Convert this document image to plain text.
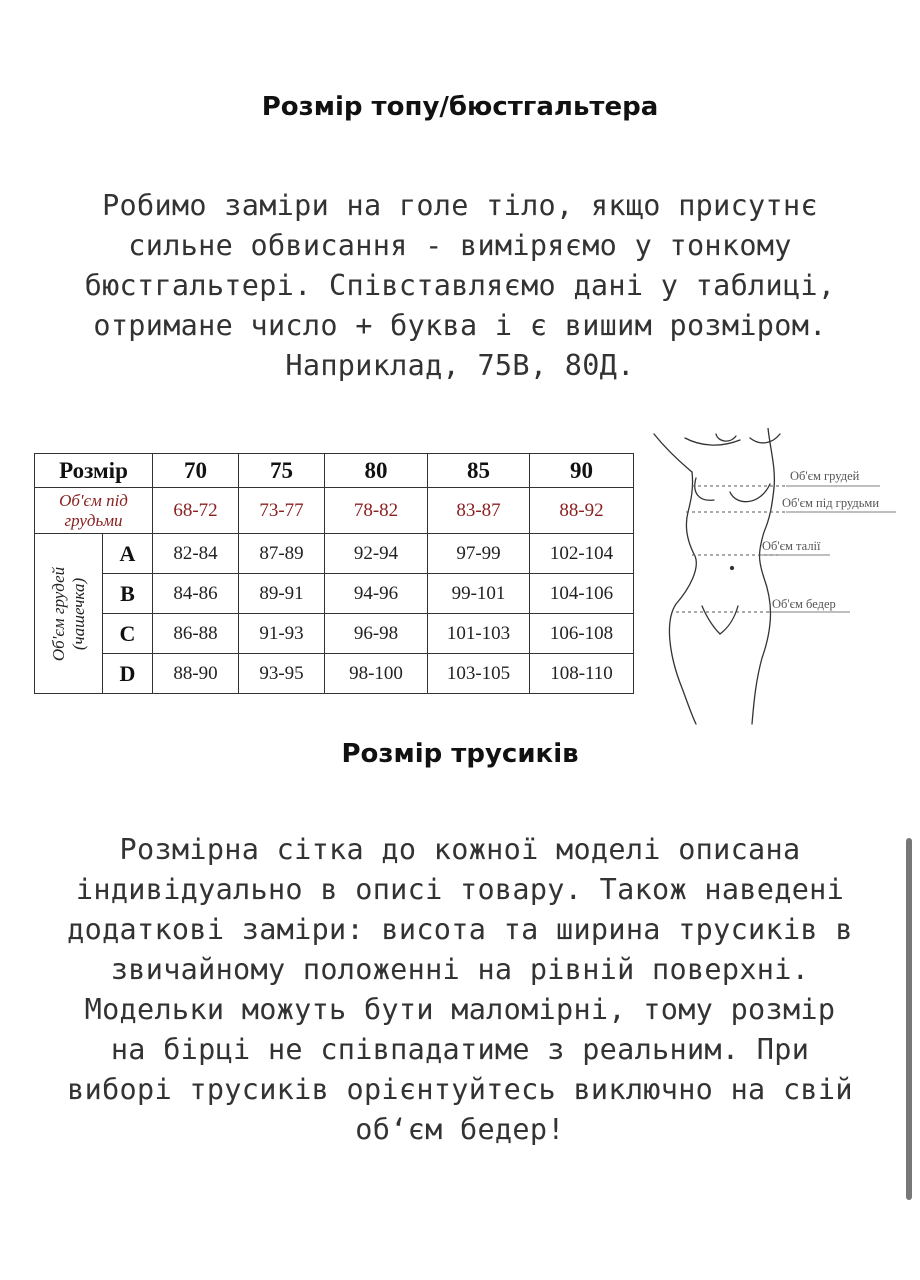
Розмір топу/бюстгальтера
Робимо заміри на голе тіло, якщо присутнє
сильне обвисання - виміряємо у тонкому
бюстгальтері. Співставляємо дані у таблиці,
отримане число + буква і є вишим розміром.
Наприклад, 75В, 80Д.
Розмір		70	75	80	85	90
Об'єм під
грудьми		68-72	73-77	78-82	83-87	88-92

Об'єм грудей (чашечка)	A	82-84	87-89	92-94	97-99	102-104
	B	84-86	89-91	94-96	99-101	104-106
	C	86-88	91-93	96-98	101-103	106-108
	D	88-90	93-95	98-100	103-105	108-110
Об'єм грудей
Об'єм під грудьми
Об'єм талії
Об'єм бедер
Розмір трусиків
Розмірна сітка до кожної моделі описана
індивідуально в описі товару. Також наведені
додаткові заміри: висота та ширина трусиків в
звичайному положенні на рівній поверхні.
Модельки можуть бути маломірні, тому розмір
на бірці не співпадатиме з реальним. При
виборі трусиків орієнтуйтесь виключно на свій
об‘єм бедер!
